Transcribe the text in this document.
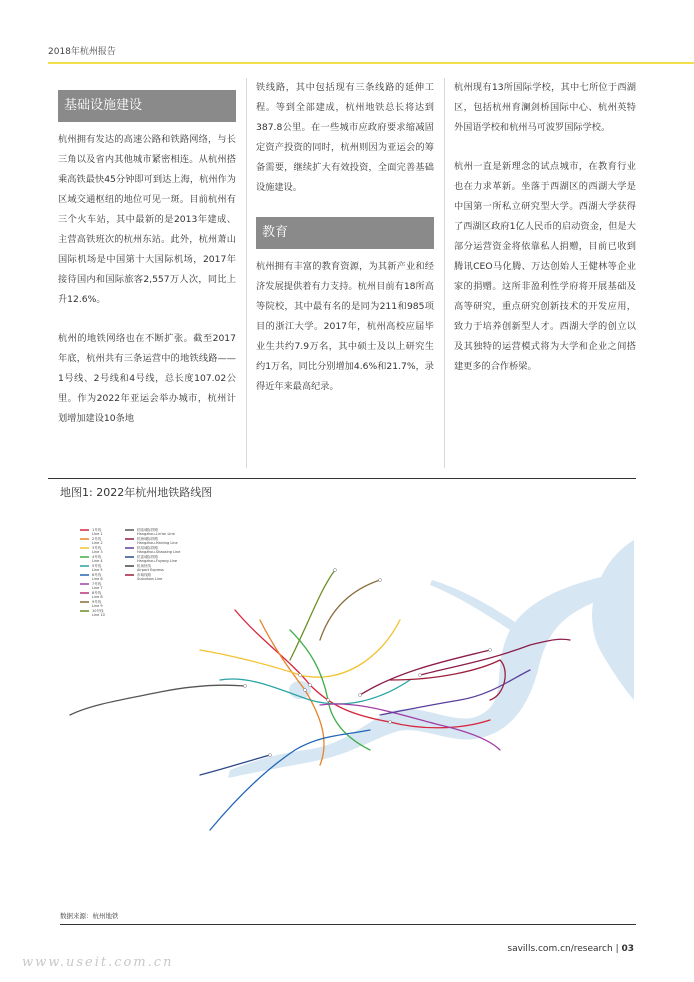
2018年杭州报告
基础设施建设

杭州拥有发达的高速公路和铁路网络，与长三角以及省内其他城市紧密相连。从杭州搭乘高铁最快45分钟即可到达上海，杭州作为区域交通枢纽的地位可见一斑。目前杭州有三个火车站，其中最新的是2013年建成、主营高铁班次的杭州东站。此外，杭州萧山国际机场是中国第十大国际机场，2017年接待国内和国际旅客2,557万人次，同比上升12.6%。

杭州的地铁网络也在不断扩张。截至2017年底，杭州共有三条运营中的地铁线路——1号线、2号线和4号线，总长度107.02公里。作为2022年亚运会举办城市，杭州计划增加建设10条地

铁线路，其中包括现有三条线路的延伸工程。等到全部建成，杭州地铁总长将达到387.8公里。在一些城市应政府要求缩减固定资产投资的同时，杭州则因为亚运会的筹备需要，继续扩大有效投资，全面完善基础设施建设。

教育

杭州拥有丰富的教育资源，为其新产业和经济发展提供着有力支持。杭州目前有18所高等院校，其中最有名的是同为211和985项目的浙江大学。2017年，杭州高校应届毕业生共约7.9万名，其中硕士及以上研究生约1万名，同比分别增加4.6%和21.7%，录得近年来最高纪录。

杭州现有13所国际学校，其中七所位于西湖区，包括杭州育澜剑桥国际中心、杭州英特外国语学校和杭州马可波罗国际学校。

杭州一直是新理念的试点城市，在教育行业也在力求革新。坐落于西湖区的西湖大学是中国第一所私立研究型大学。西湖大学获得了西湖区政府1亿人民币的启动资金，但是大部分运营资金将依靠私人捐赠，目前已收到腾讯CEO马化腾、万达创始人王健林等企业家的捐赠。这所非盈利性学府将开展基础及高等研究，重点研究创新技术的开发应用，致力于培养创新型人才。西湖大学的创立以及其独特的运营模式将为大学和企业之间搭建更多的合作桥梁。

地图1: 2022年杭州地铁路线图
1号线
Line 1
2号线
Line 2
3号线
Line 3
4号线
Line 4
5号线
Line 5
6号线
Line 6
7号线
Line 7
8号线
Line 8
9号线
Line 9
10号线
Line 10
杭临城际铁路
Hangzhou-Lin'an Line
杭海城际铁路
Hangzhou-Haining Line
杭绍城际铁路
Hangzhou-Shaoxing Line
杭富城际铁路
Hangzhou-Fuyang Line
机场快线
Airport Express
市域线路
Suburban Line
数据来源：杭州地铁
savills.com.cn/research | 03
www.useit.com.cn
